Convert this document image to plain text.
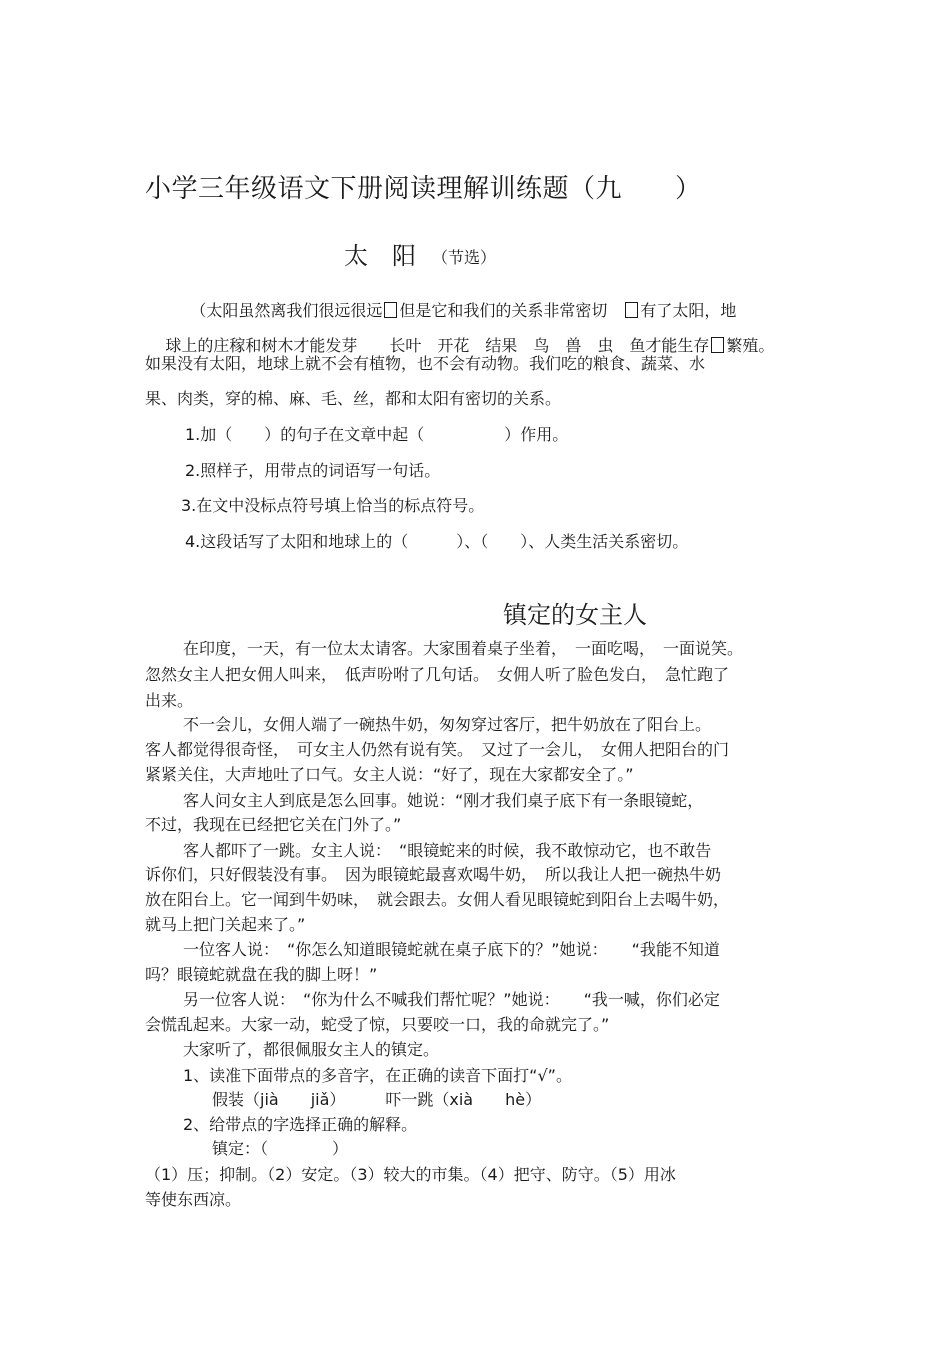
小学三年级语文下册阅读理解训练题（九　　）
太　阳 （节选）

（太阳虽然离我们很远很远 但是它和我们的关系非常密切　 有了太阳，地

球上的庄稼和树木才能发芽　　长叶　开花　结果　鸟　兽　虫　鱼才能生存 繁殖。

如果没有太阳，地球上就不会有植物，也不会有动物。我们吃的粮食、蔬菜、水
果、肉类，穿的棉、麻、毛、丝，都和太阳有密切的关系。
1.加（　　）的句子在文章中起（　　　　　）作用。
2.照样子，用带点的词语写一句话。
3.在文中没标点符号填上恰当的标点符号。
4.这段话写了太阳和地球上的（　　　）、（　　）、人类生活关系密切。
镇定的女主人
在印度，一天，有一位太太请客。大家围着桌子坐着，　一面吃喝，　一面说笑。
忽然女主人把女佣人叫来，　低声吩咐了几句话。　女佣人听了脸色发白，　急忙跑了
出来。
不一会儿，女佣人端了一碗热牛奶，匆匆穿过客厅，把牛奶放在了阳台上。
客人都觉得很奇怪，　可女主人仍然有说有笑。　又过了一会儿，　女佣人把阳台的门
紧紧关住，大声地吐了口气。女主人说：“好了，现在大家都安全了。”
客人问女主人到底是怎么回事。她说：“刚才我们桌子底下有一条眼镜蛇，
不过，我现在已经把它关在门外了。”
客人都吓了一跳。女主人说：　“眼镜蛇来的时候，我不敢惊动它，也不敢告
诉你们，只好假装没有事。　因为眼镜蛇最喜欢喝牛奶，　所以我让人把一碗热牛奶
放在阳台上。它一闻到牛奶味，　就会跟去。女佣人看见眼镜蛇到阳台上去喝牛奶，
就马上把门关起来了。”
一位客人说：　“你怎么知道眼镜蛇就在桌子底下的？”她说：　　“我能不知道
吗？眼镜蛇就盘在我的脚上呀！”
另一位客人说：　“你为什么不喊我们帮忙呢？”她说：　　“我一喊，你们必定
会慌乱起来。大家一动，蛇受了惊，只要咬一口，我的命就完了。”
大家听了，都很佩服女主人的镇定。
1、读准下面带点的多音字，在正确的读音下面打“√”。
假装（jià　　jiǎ）　　　吓一跳（xià　　hè）
2、给带点的字选择正确的解释。
镇定：（　　　　）
（1）压；抑制。（2）安定。（3）较大的市集。（4）把守、防守。（5）用冰
等使东西凉。
